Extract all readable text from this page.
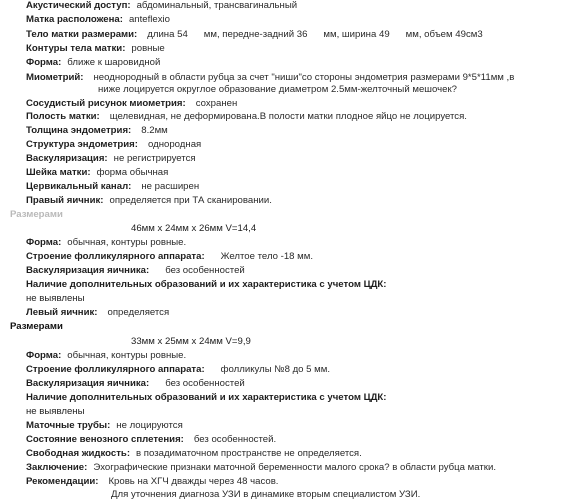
Акустический доступ: абдоминальный, трансвагинальный
Матка расположена: anteflexio
Тело матки размерами: длина 54 мм, передне-задний 36 мм, ширина 49 мм, объем 49см3
Контуры тела матки: ровные
Форма: ближе к шаровидной
Миометрий: неоднородный в области рубца за счет "ниши"со стороны эндометрия размерами 9*5*11мм ,в
ниже лоцируется округлое образование диаметром 2.5мм-желточный мешочек?
Сосудистый рисунок миометрия: сохранен
Полость матки: щелевидная, не деформирована.В полости матки плодное яйцо не лоцируется.
Толщина эндометрия: 8.2мм
Структура эндометрия: однородная
Васкуляризация: не регистрируется
Шейка матки: форма обычная
Цервикальный канал: не расширен
Правый яичник: определяется при ТА сканировании.
Размерами
46мм х 24мм х 26мм V=14,4
Форма: обычная, контуры ровные.
Строение фолликулярного аппарата: Желтое тело -18 мм.
Васкуляризация яичника: без особенностей
Наличие дополнительных образований и их характеристика с учетом ЦДК:
не выявлены
Левый яичник: определяется
Размерами
33мм х 25мм х 24мм V=9,9
Форма: обычная, контуры ровные.
Строение фолликулярного аппарата: фолликулы №8 до 5 мм.
Васкуляризация яичника: без особенностей
Наличие дополнительных образований и их характеристика с учетом ЦДК:
не выявлены
Маточные трубы: не лоцируются
Состояние венозного сплетения: без особенностей.
Свободная жидкость: в позадиматочном пространстве не определяется.
Заключение: Эхографические признаки маточной беременности малого срока? в области рубца матки.
Рекомендации: Кровь на ХГЧ дважды через 48 часов.
Для уточнения диагноза УЗИ в динамике вторым специалистом УЗИ.
